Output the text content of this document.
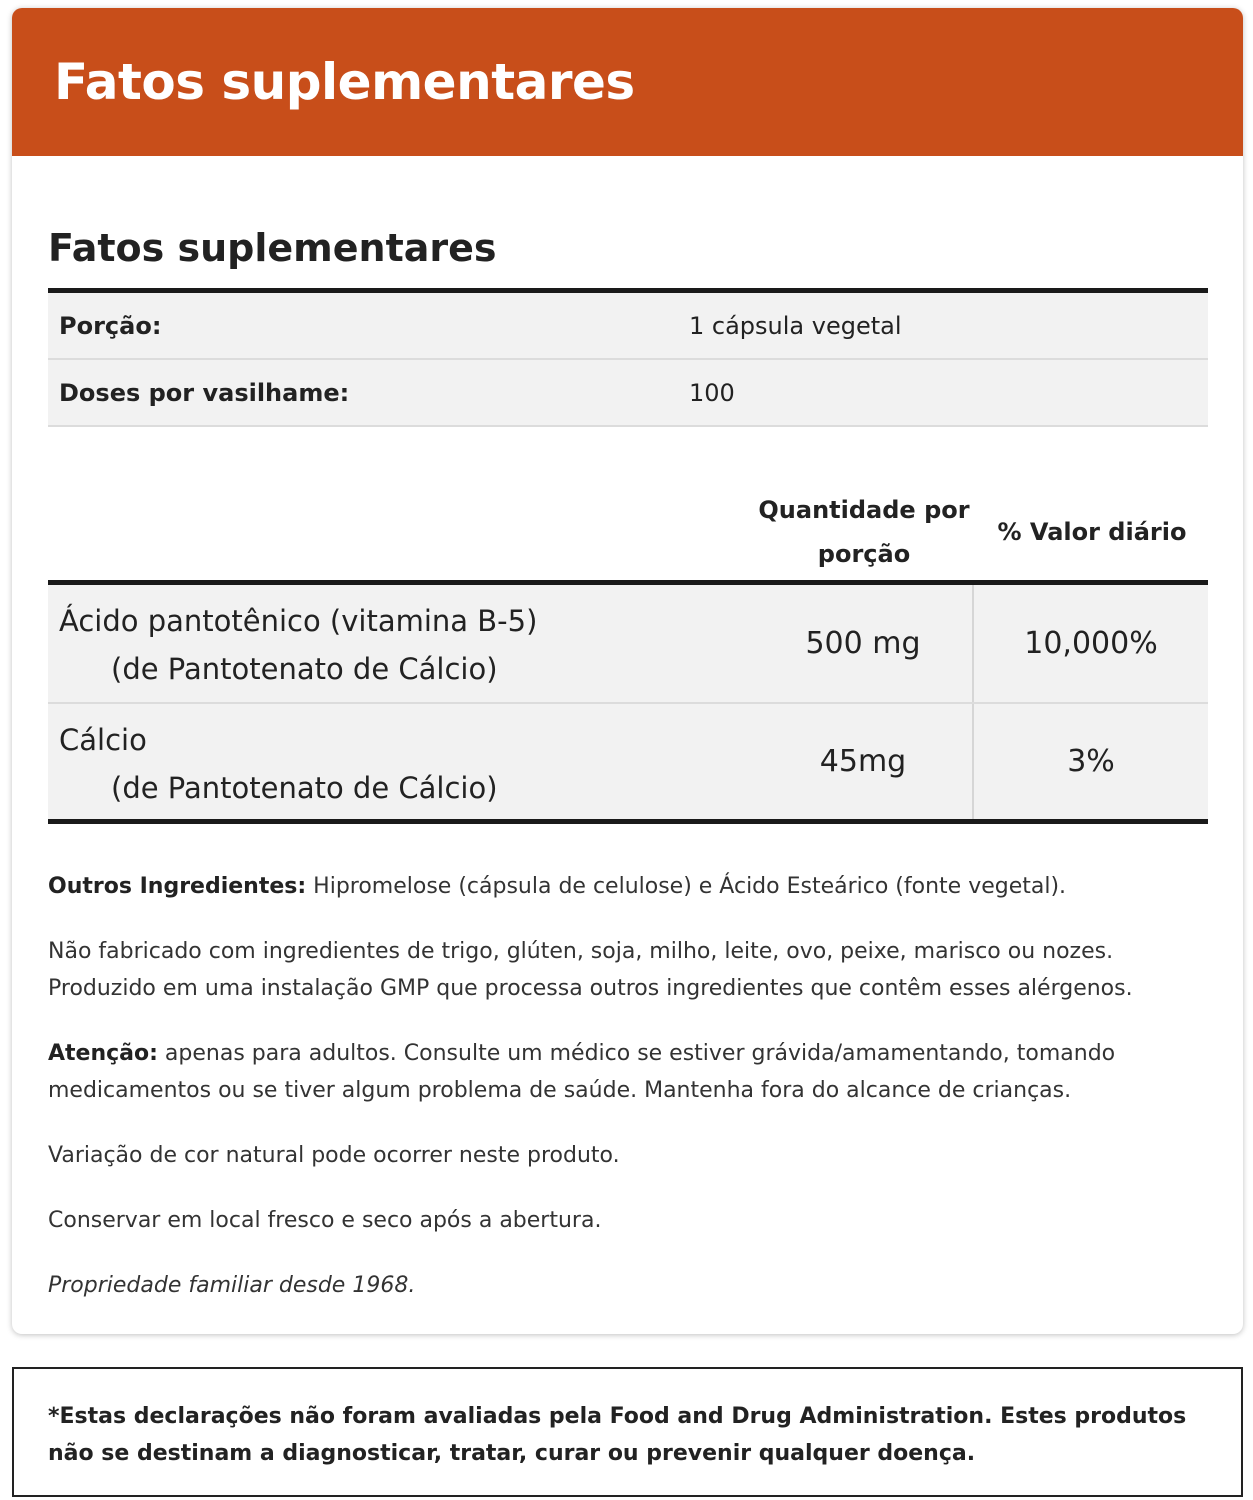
Fatos suplementares
Fatos suplementares
Porção:	1 cápsula vegetal
Doses por vasilhame:	100
Quantidade por
porção
% Valor diário
Ácido pantotênico (vitamina B-5)
(de Pantotenato de Cálcio)
500 mg	10,000%
Cálcio
(de Pantotenato de Cálcio)
45mg	3%

Outros Ingredientes: Hipromelose (cápsula de celulose) e Ácido Esteárico (fonte vegetal).

Não fabricado com ingredientes de trigo, glúten, soja, milho, leite, ovo, peixe, marisco ou nozes. Produzido em uma instalação GMP que processa outros ingredientes que contêm esses alérgenos.

Atenção: apenas para adultos. Consulte um médico se estiver grávida/amamentando, tomando medicamentos ou se tiver algum problema de saúde. Mantenha fora do alcance de crianças.

Variação de cor natural pode ocorrer neste produto.

Conservar em local fresco e seco após a abertura.

Propriedade familiar desde 1968.

*Estas declarações não foram avaliadas pela Food and Drug Administration. Estes produtos não se destinam a diagnosticar, tratar, curar ou prevenir qualquer doença.
